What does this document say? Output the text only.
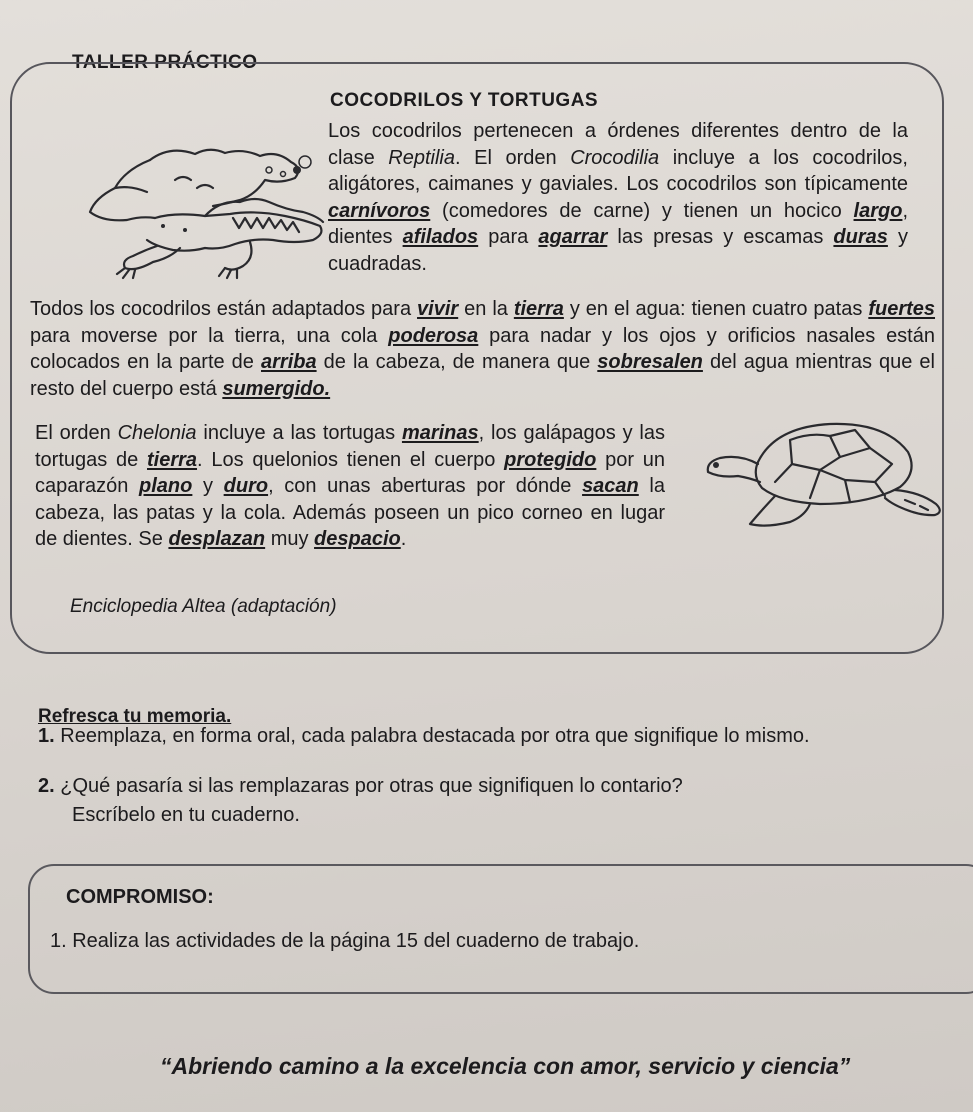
TALLER PRÁCTICO
COCODRILOS Y TORTUGAS
Los cocodrilos pertenecen a órdenes diferentes dentro de la clase Reptilia. El orden Crocodilia incluye a los cocodrilos, aligátores, caimanes y gaviales. Los cocodrilos son típicamente carnívoros (comedores de carne) y tienen un hocico largo, dientes afilados para agarrar las presas y escamas duras y cuadradas.
Todos los cocodrilos están adaptados para vivir en la tierra y en el agua: tienen cuatro patas fuertes para moverse por la tierra, una cola poderosa para nadar y los ojos y orificios nasales están colocados en la parte de arriba de la cabeza, de manera que sobresalen del agua mientras que el resto del cuerpo está sumergido.
El orden Chelonia incluye a las tortugas marinas, los galápagos y las tortugas de tierra. Los quelonios tienen el cuerpo protegido por un caparazón plano y duro, con unas aberturas por dónde sacan la cabeza, las patas y la cola. Además poseen un pico corneo en lugar de dientes. Se desplazan muy despacio.
Enciclopedia Altea (adaptación)
Refresca tu memoria.
1. Reemplaza, en forma oral, cada palabra destacada por otra que signifique lo mismo.
2. ¿Qué pasaría si las remplazaras por otras que signifiquen lo contario?
Escríbelo en tu cuaderno.
COMPROMISO:
1. Realiza las actividades de la página 15 del cuaderno de trabajo.
“Abriendo camino a la excelencia con amor, servicio y ciencia”
